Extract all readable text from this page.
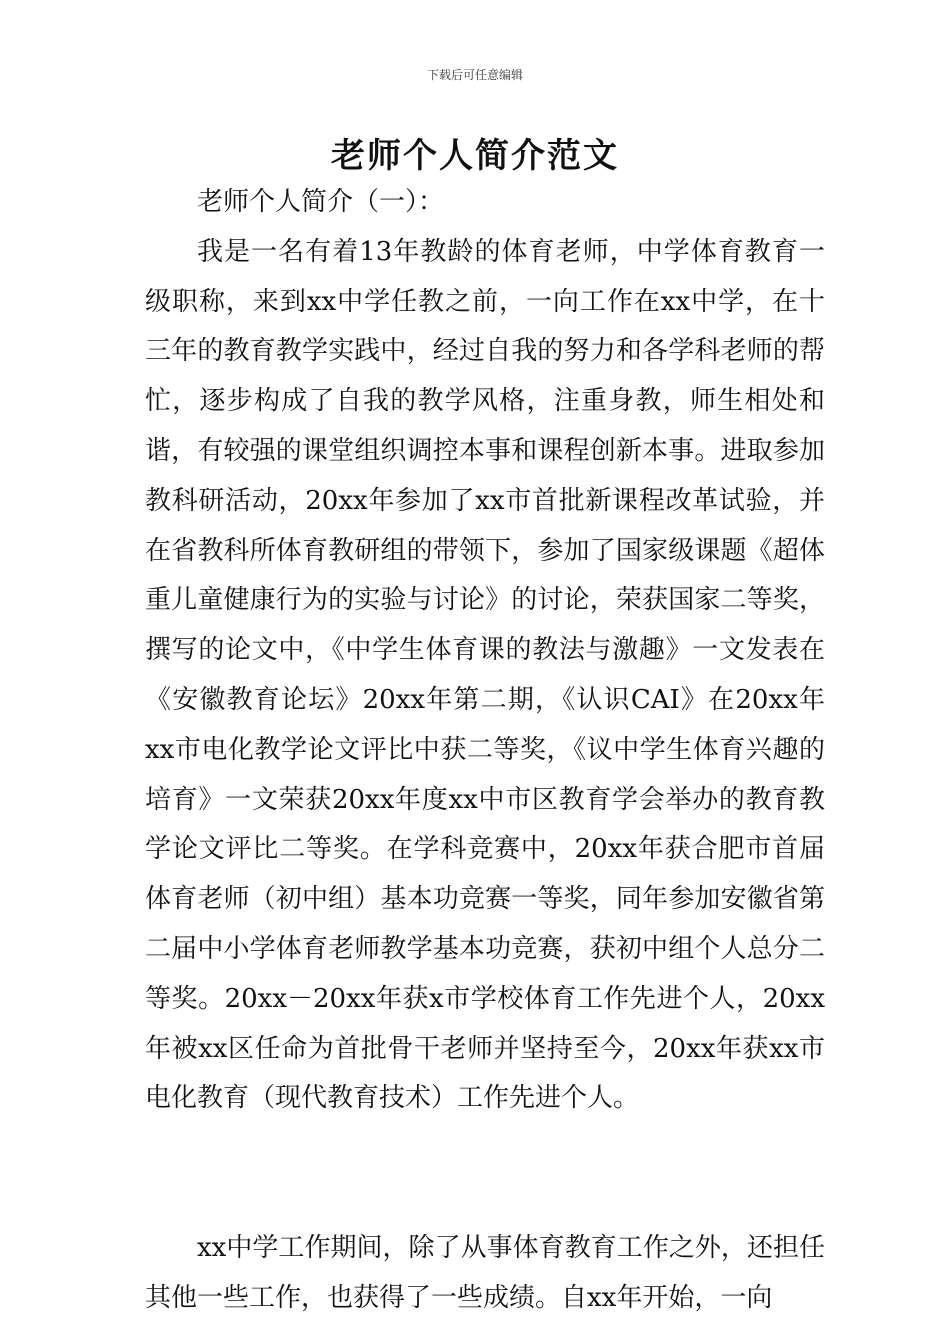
下载后可任意编辑
老师个人简介范文

老师个人简介（一）：

我是一名有着13年教龄的体育老师，中学体育教育一级职称，来到xx中学任教之前，一向工作在xx中学，在十三年的教育教学实践中，经过自我的努力和各学科老师的帮忙，逐步构成了自我的教学风格，注重身教，师生相处和谐，有较强的课堂组织调控本事和课程创新本事。进取参加教科研活动，20xx年参加了xx市首批新课程改革试验，并在省教科所体育教研组的带领下，参加了国家级课题《超体重儿童健康行为的实验与讨论》的讨论，荣获国家二等奖，撰写的论文中，《中学生体育课的教法与激趣》一文发表在《安徽教育论坛》20xx年第二期，《认识CAI》在20xx年xx市电化教学论文评比中获二等奖，《议中学生体育兴趣的培育》一文荣获20xx年度xx中市区教育学会举办的教育教学论文评比二等奖。在学科竞赛中，20xx年获合肥市首届体育老师（初中组）基本功竞赛一等奖，同年参加安徽省第二届中小学体育老师教学基本功竞赛，获初中组个人总分二等奖。20xx－20xx年获x市学校体育工作先进个人，20xx年被xx区任命为首批骨干老师并坚持至今，20xx年获xx市电化教育（现代教育技术）工作先进个人。

xx中学工作期间，除了从事体育教育工作之外，还担任其他一些工作，也获得了一些成绩。自xx年开始，一向
